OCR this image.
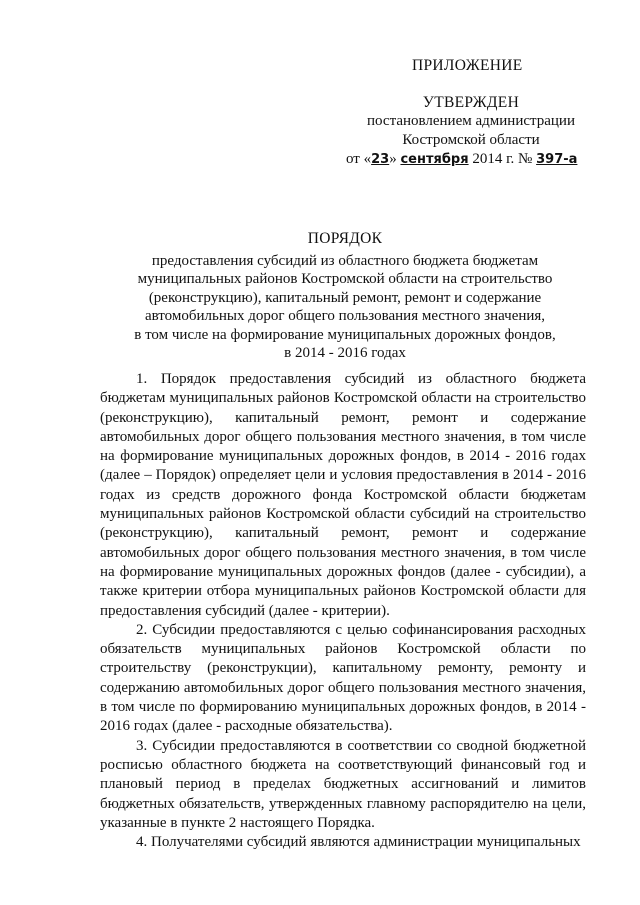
ПРИЛОЖЕНИЕ
УТВЕРЖДЕН
постановлением администрации
Костромской области
от «23» сентября 2014 г. № 397-а
ПОРЯДОК
предоставления субсидий из областного бюджета бюджетам
муниципальных районов Костромской области на строительство
(реконструкцию), капитальный ремонт, ремонт и содержание
автомобильных дорог общего пользования местного значения,
в том числе на формирование муниципальных дорожных фондов,
в 2014 - 2016 годах

1. Порядок предоставления субсидий из областного бюджета бюджетам муниципальных районов Костромской области на строительство (реконструкцию), капитальный ремонт, ремонт и содержание автомобильных дорог общего пользования местного значения, в том числе на формирование муниципальных дорожных фондов, в 2014 - 2016 годах (далее – Порядок) определяет цели и условия предоставления в 2014 - 2016 годах из средств дорожного фонда Костромской области бюджетам муниципальных районов Костромской области субсидий на строительство (реконструкцию), капитальный ремонт, ремонт и содержание автомобильных дорог общего пользования местного значения, в том числе на формирование муниципальных дорожных фондов (далее - субсидии), а также критерии отбора муниципальных районов Костромской области для предоставления субсидий (далее - критерии).

2. Субсидии предоставляются с целью софинансирования расходных обязательств муниципальных районов Костромской области по строительству (реконструкции), капитальному ремонту, ремонту и содержанию автомобильных дорог общего пользования местного значения, в том числе по формированию муниципальных дорожных фондов, в 2014 - 2016 годах (далее - расходные обязательства).

3. Субсидии предоставляются в соответствии со сводной бюджетной росписью областного бюджета на соответствующий финансовый год и плановый период в пределах бюджетных ассигнований и лимитов бюджетных обязательств, утвержденных главному распорядителю на цели, указанные в пункте 2 настоящего Порядка.

4. Получателями субсидий являются администрации муниципальных
